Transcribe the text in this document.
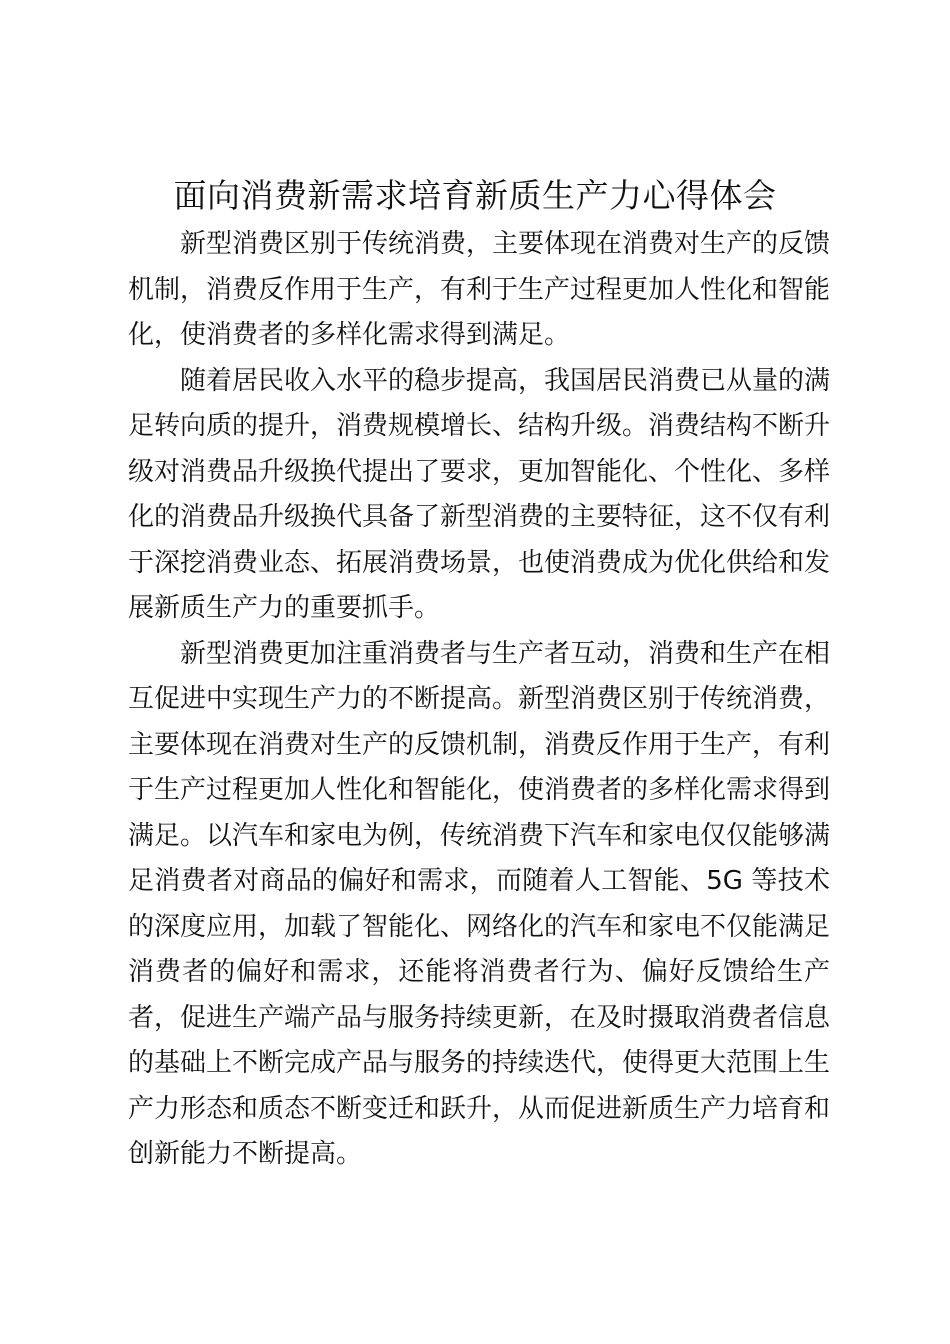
面向消费新需求培育新质生产力心得体会

新型消费区别于传统消费，主要体现在消费对生产的反馈机制，消费反作用于生产，有利于生产过程更加人性化和智能化，使消费者的多样化需求得到满足。

随着居民收入水平的稳步提高，我国居民消费已从量的满足转向质的提升，消费规模增长、结构升级。消费结构不断升级对消费品升级换代提出了要求，更加智能化、个性化、多样化的消费品升级换代具备了新型消费的主要特征，这不仅有利于深挖消费业态、拓展消费场景，也使消费成为优化供给和发展新质生产力的重要抓手。

新型消费更加注重消费者与生产者互动，消费和生产在相互促进中实现生产力的不断提高。新型消费区别于传统消费，主要体现在消费对生产的反馈机制，消费反作用于生产，有利于生产过程更加人性化和智能化，使消费者的多样化需求得到满足。以汽车和家电为例，传统消费下汽车和家电仅仅能够满足消费者对商品的偏好和需求，而随着人工智能、5G 等技术的深度应用，加载了智能化、网络化的汽车和家电不仅能满足消费者的偏好和需求，还能将消费者行为、偏好反馈给生产者，促进生产端产品与服务持续更新，在及时摄取消费者信息的基础上不断完成产品与服务的持续迭代，使得更大范围上生产力形态和质态不断变迁和跃升，从而促进新质生产力培育和创新能力不断提高。
